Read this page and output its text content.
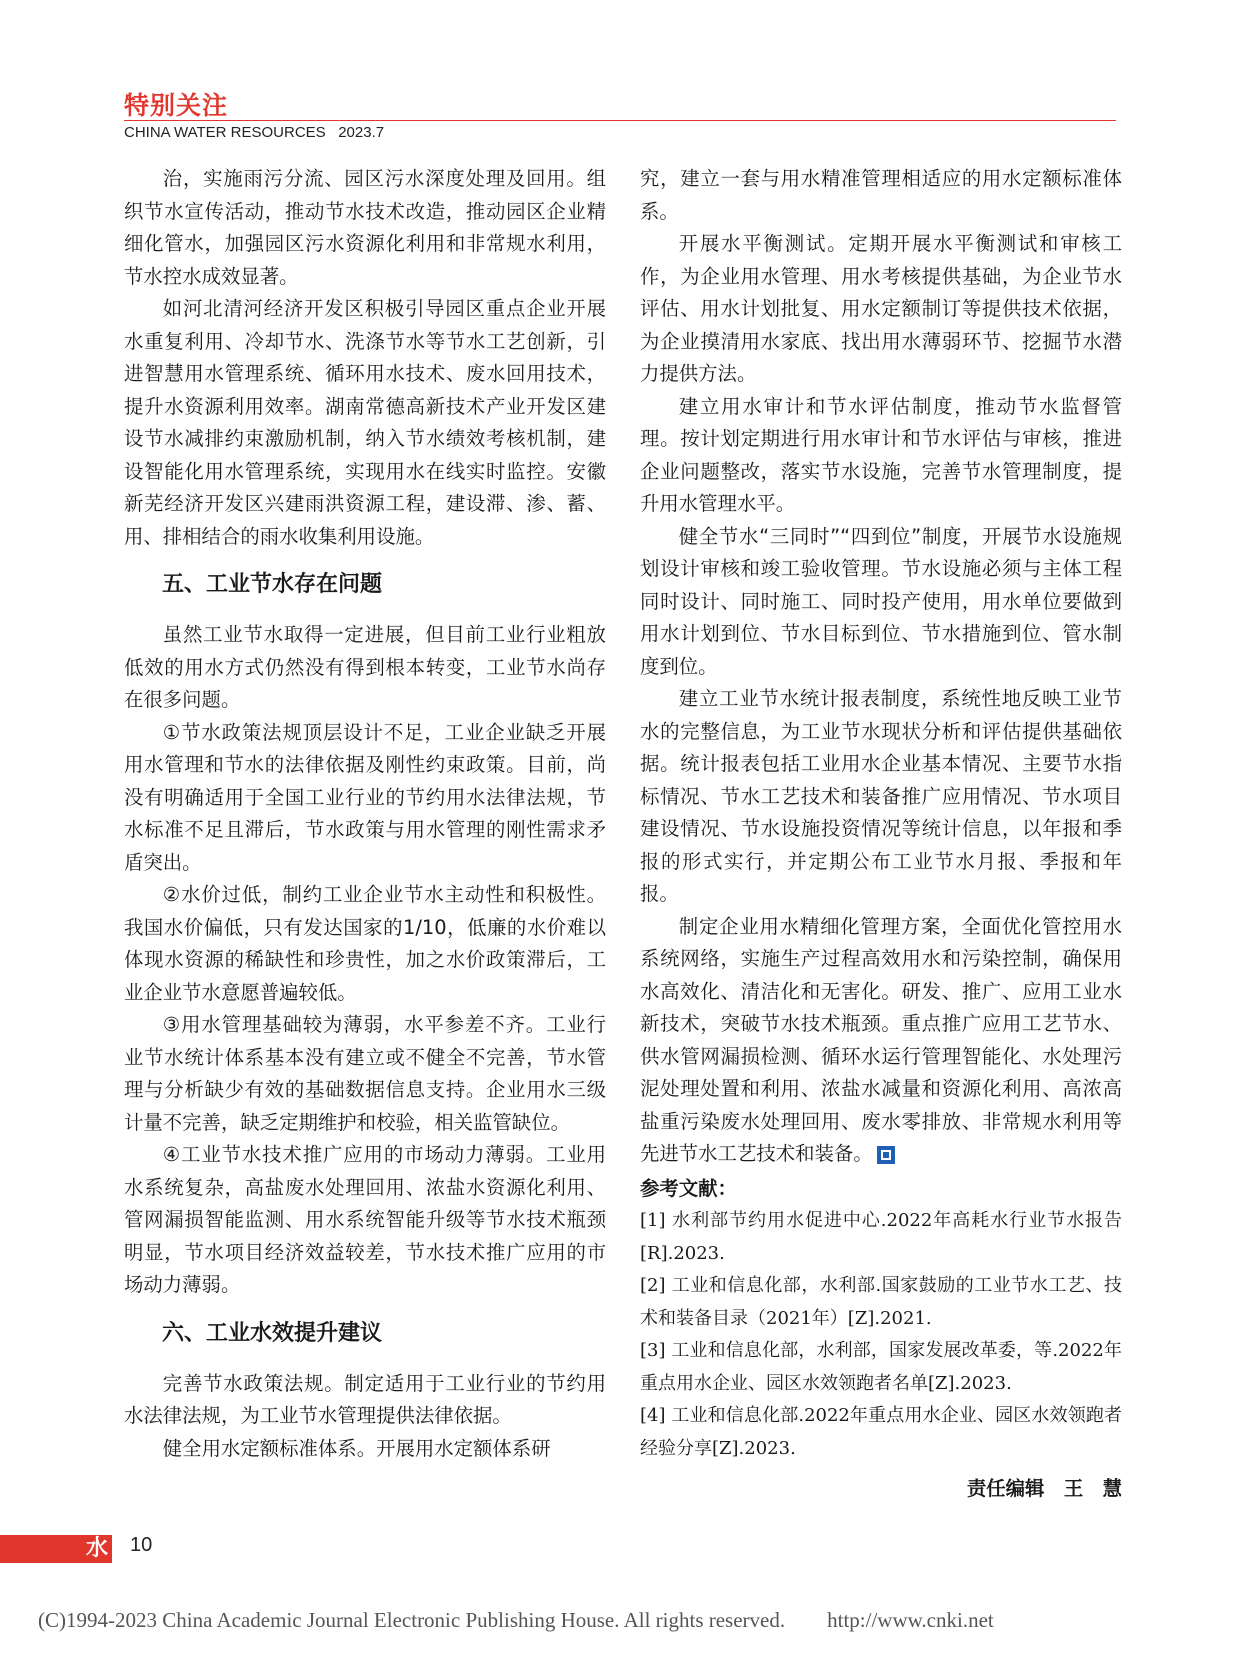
特别关注
CHINA WATER RESOURCES 2023.7

治，实施雨污分流、园区污水深度处理及回用。组织节水宣传活动，推动节水技术改造，推动园区企业精细化管水，加强园区污水资源化利用和非常规水利用，节水控水成效显著。

如河北清河经济开发区积极引导园区重点企业开展水重复利用、冷却节水、洗涤节水等节水工艺创新，引进智慧用水管理系统、循环用水技术、废水回用技术，提升水资源利用效率。湖南常德高新技术产业开发区建设节水减排约束激励机制，纳入节水绩效考核机制，建设智能化用水管理系统，实现用水在线实时监控。安徽新芜经济开发区兴建雨洪资源工程，建设滞、渗、蓄、用、排相结合的雨水收集利用设施。

五、工业节水存在问题

虽然工业节水取得一定进展，但目前工业行业粗放低效的用水方式仍然没有得到根本转变，工业节水尚存在很多问题。

①节水政策法规顶层设计不足，工业企业缺乏开展用水管理和节水的法律依据及刚性约束政策。目前，尚没有明确适用于全国工业行业的节约用水法律法规，节水标准不足且滞后，节水政策与用水管理的刚性需求矛盾突出。

②水价过低，制约工业企业节水主动性和积极性。我国水价偏低，只有发达国家的1/10，低廉的水价难以体现水资源的稀缺性和珍贵性，加之水价政策滞后，工业企业节水意愿普遍较低。

③用水管理基础较为薄弱，水平参差不齐。工业行业节水统计体系基本没有建立或不健全不完善，节水管理与分析缺少有效的基础数据信息支持。企业用水三级计量不完善，缺乏定期维护和校验，相关监管缺位。

④工业节水技术推广应用的市场动力薄弱。工业用水系统复杂，高盐废水处理回用、浓盐水资源化利用、管网漏损智能监测、用水系统智能升级等节水技术瓶颈明显，节水项目经济效益较差，节水技术推广应用的市场动力薄弱。

六、工业水效提升建议

完善节水政策法规。制定适用于工业行业的节约用水法律法规，为工业节水管理提供法律依据。

健全用水定额标准体系。开展用水定额体系研

究，建立一套与用水精准管理相适应的用水定额标准体系。

开展水平衡测试。定期开展水平衡测试和审核工作，为企业用水管理、用水考核提供基础，为企业节水评估、用水计划批复、用水定额制订等提供技术依据，为企业摸清用水家底、找出用水薄弱环节、挖掘节水潜力提供方法。

建立用水审计和节水评估制度，推动节水监督管理。按计划定期进行用水审计和节水评估与审核，推进企业问题整改，落实节水设施，完善节水管理制度，提升用水管理水平。

健全节水“三同时”“四到位”制度，开展节水设施规划设计审核和竣工验收管理。节水设施必须与主体工程同时设计、同时施工、同时投产使用，用水单位要做到用水计划到位、节水目标到位、节水措施到位、管水制度到位。

建立工业节水统计报表制度，系统性地反映工业节水的完整信息，为工业节水现状分析和评估提供基础依据。统计报表包括工业用水企业基本情况、主要节水指标情况、节水工艺技术和装备推广应用情况、节水项目建设情况、节水设施投资情况等统计信息，以年报和季报的形式实行，并定期公布工业节水月报、季报和年报。

制定企业用水精细化管理方案，全面优化管控用水系统网络，实施生产过程高效用水和污染控制，确保用水高效化、清洁化和无害化。研发、推广、应用工业水新技术，突破节水技术瓶颈。重点推广应用工艺节水、供水管网漏损检测、循环水运行管理智能化、水处理污泥处理处置和利用、浓盐水减量和资源化利用、高浓高盐重污染废水处理回用、废水零排放、非常规水利用等先进节水工艺技术和装备。

参考文献：

[1] 水利部节约用水促进中心.2022年高耗水行业节水报告[R].2023.

[2] 工业和信息化部，水利部.国家鼓励的工业节水工艺、技术和装备目录（2021年）[Z].2021.

[3] 工业和信息化部，水利部，国家发展改革委，等.2022年重点用水企业、园区水效领跑者名单[Z].2023.

[4] 工业和信息化部.2022年重点用水企业、园区水效领跑者经验分享[Z].2023.

责任编辑　王　慧

水 10
(C)1994-2023 China Academic Journal Electronic Publishing House. All rights reserved.　　http://www.cnki.net
